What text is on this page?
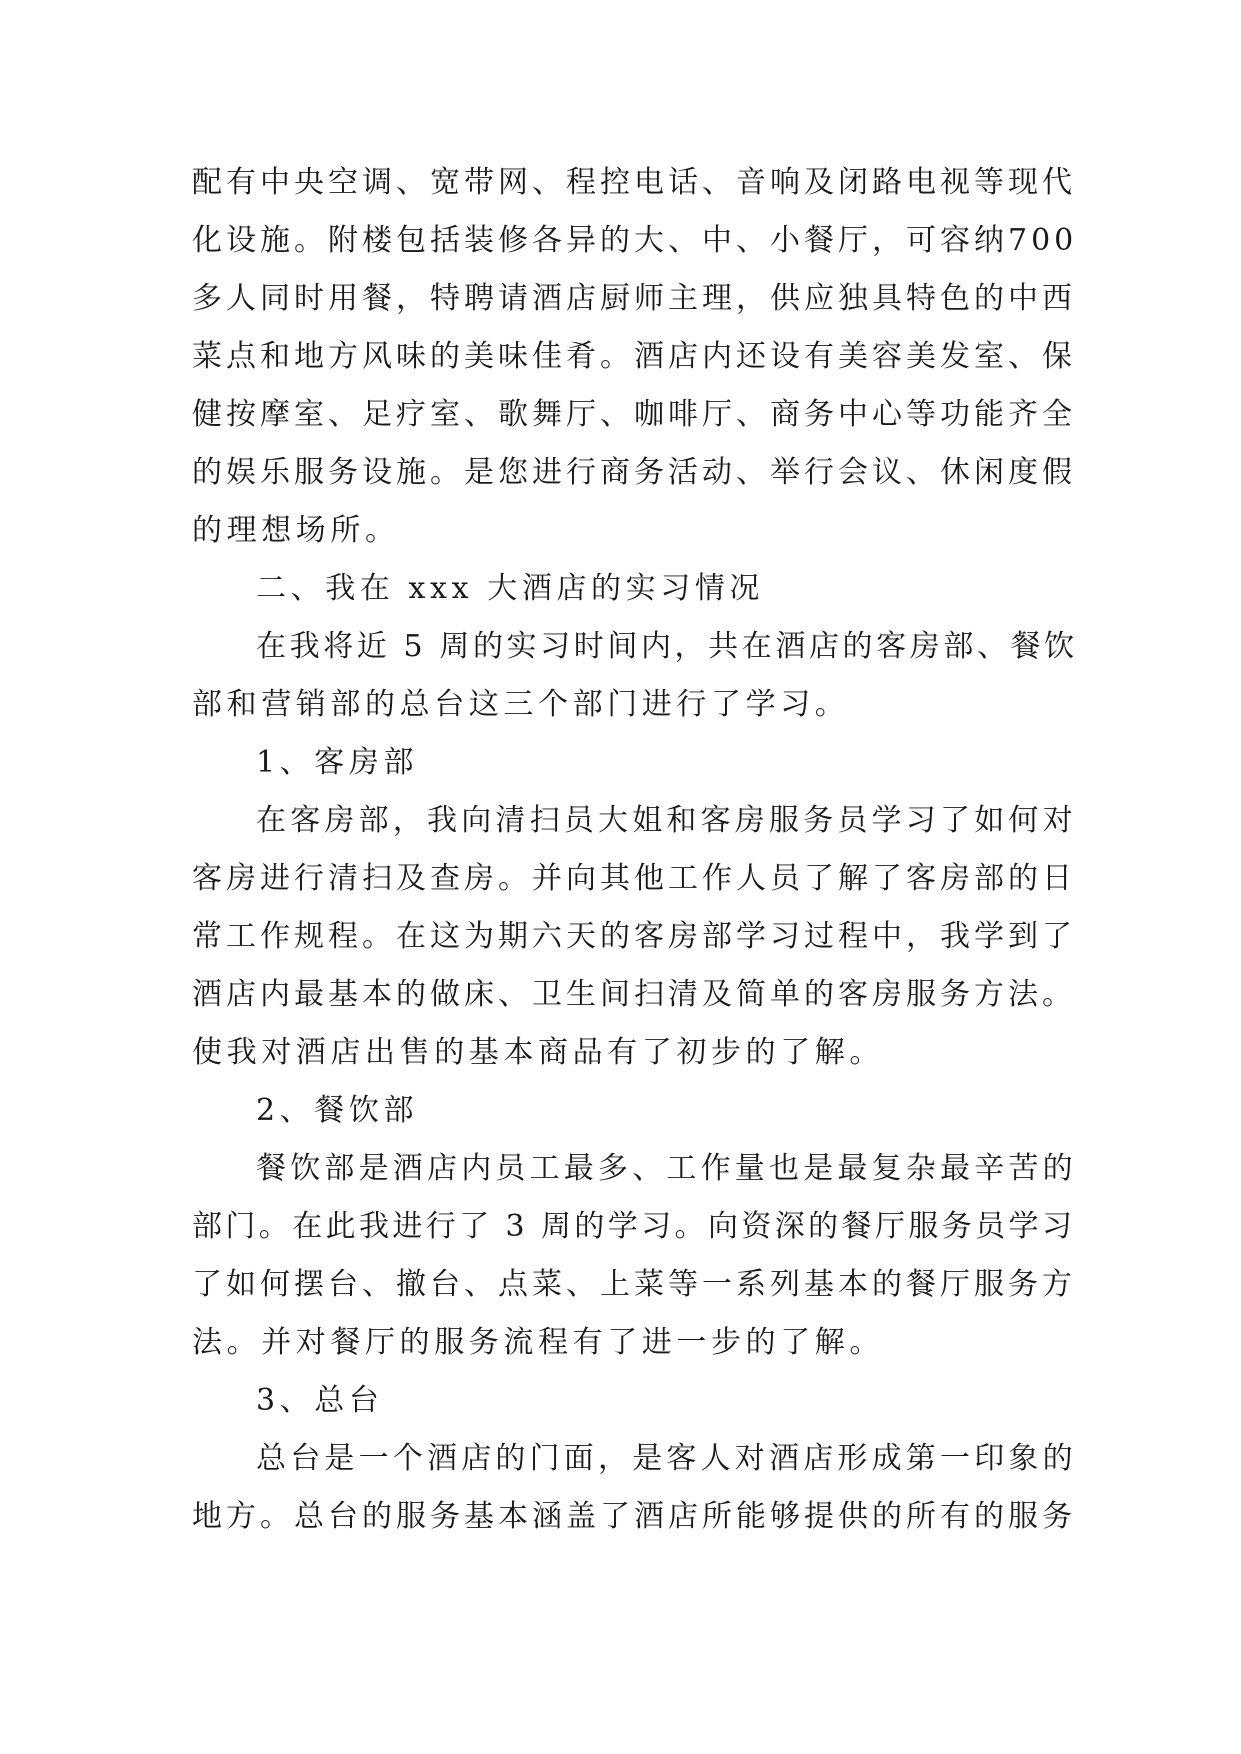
配有中央空调、宽带网、程控电话、音响及闭路电视等现代
化设施。附楼包括装修各异的大、中、小餐厅，可容纳700
多人同时用餐，特聘请酒店厨师主理，供应独具特色的中西
菜点和地方风味的美味佳肴。酒店内还设有美容美发室、保
健按摩室、足疗室、歌舞厅、咖啡厅、商务中心等功能齐全
的娱乐服务设施。是您进行商务活动、举行会议、休闲度假
的理想场所。
二、我在 xxx 大酒店的实习情况
在我将近 5 周的实习时间内，共在酒店的客房部、餐饮
部和营销部的总台这三个部门进行了学习。
1、客房部
在客房部，我向清扫员大姐和客房服务员学习了如何对
客房进行清扫及查房。并向其他工作人员了解了客房部的日
常工作规程。在这为期六天的客房部学习过程中，我学到了
酒店内最基本的做床、卫生间扫清及简单的客房服务方法。
使我对酒店出售的基本商品有了初步的了解。
2、餐饮部
餐饮部是酒店内员工最多、工作量也是最复杂最辛苦的
部门。在此我进行了 3 周的学习。向资深的餐厅服务员学习
了如何摆台、撤台、点菜、上菜等一系列基本的餐厅服务方
法。并对餐厅的服务流程有了进一步的了解。
3、总台
总台是一个酒店的门面，是客人对酒店形成第一印象的
地方。总台的服务基本涵盖了酒店所能够提供的所有的服务
